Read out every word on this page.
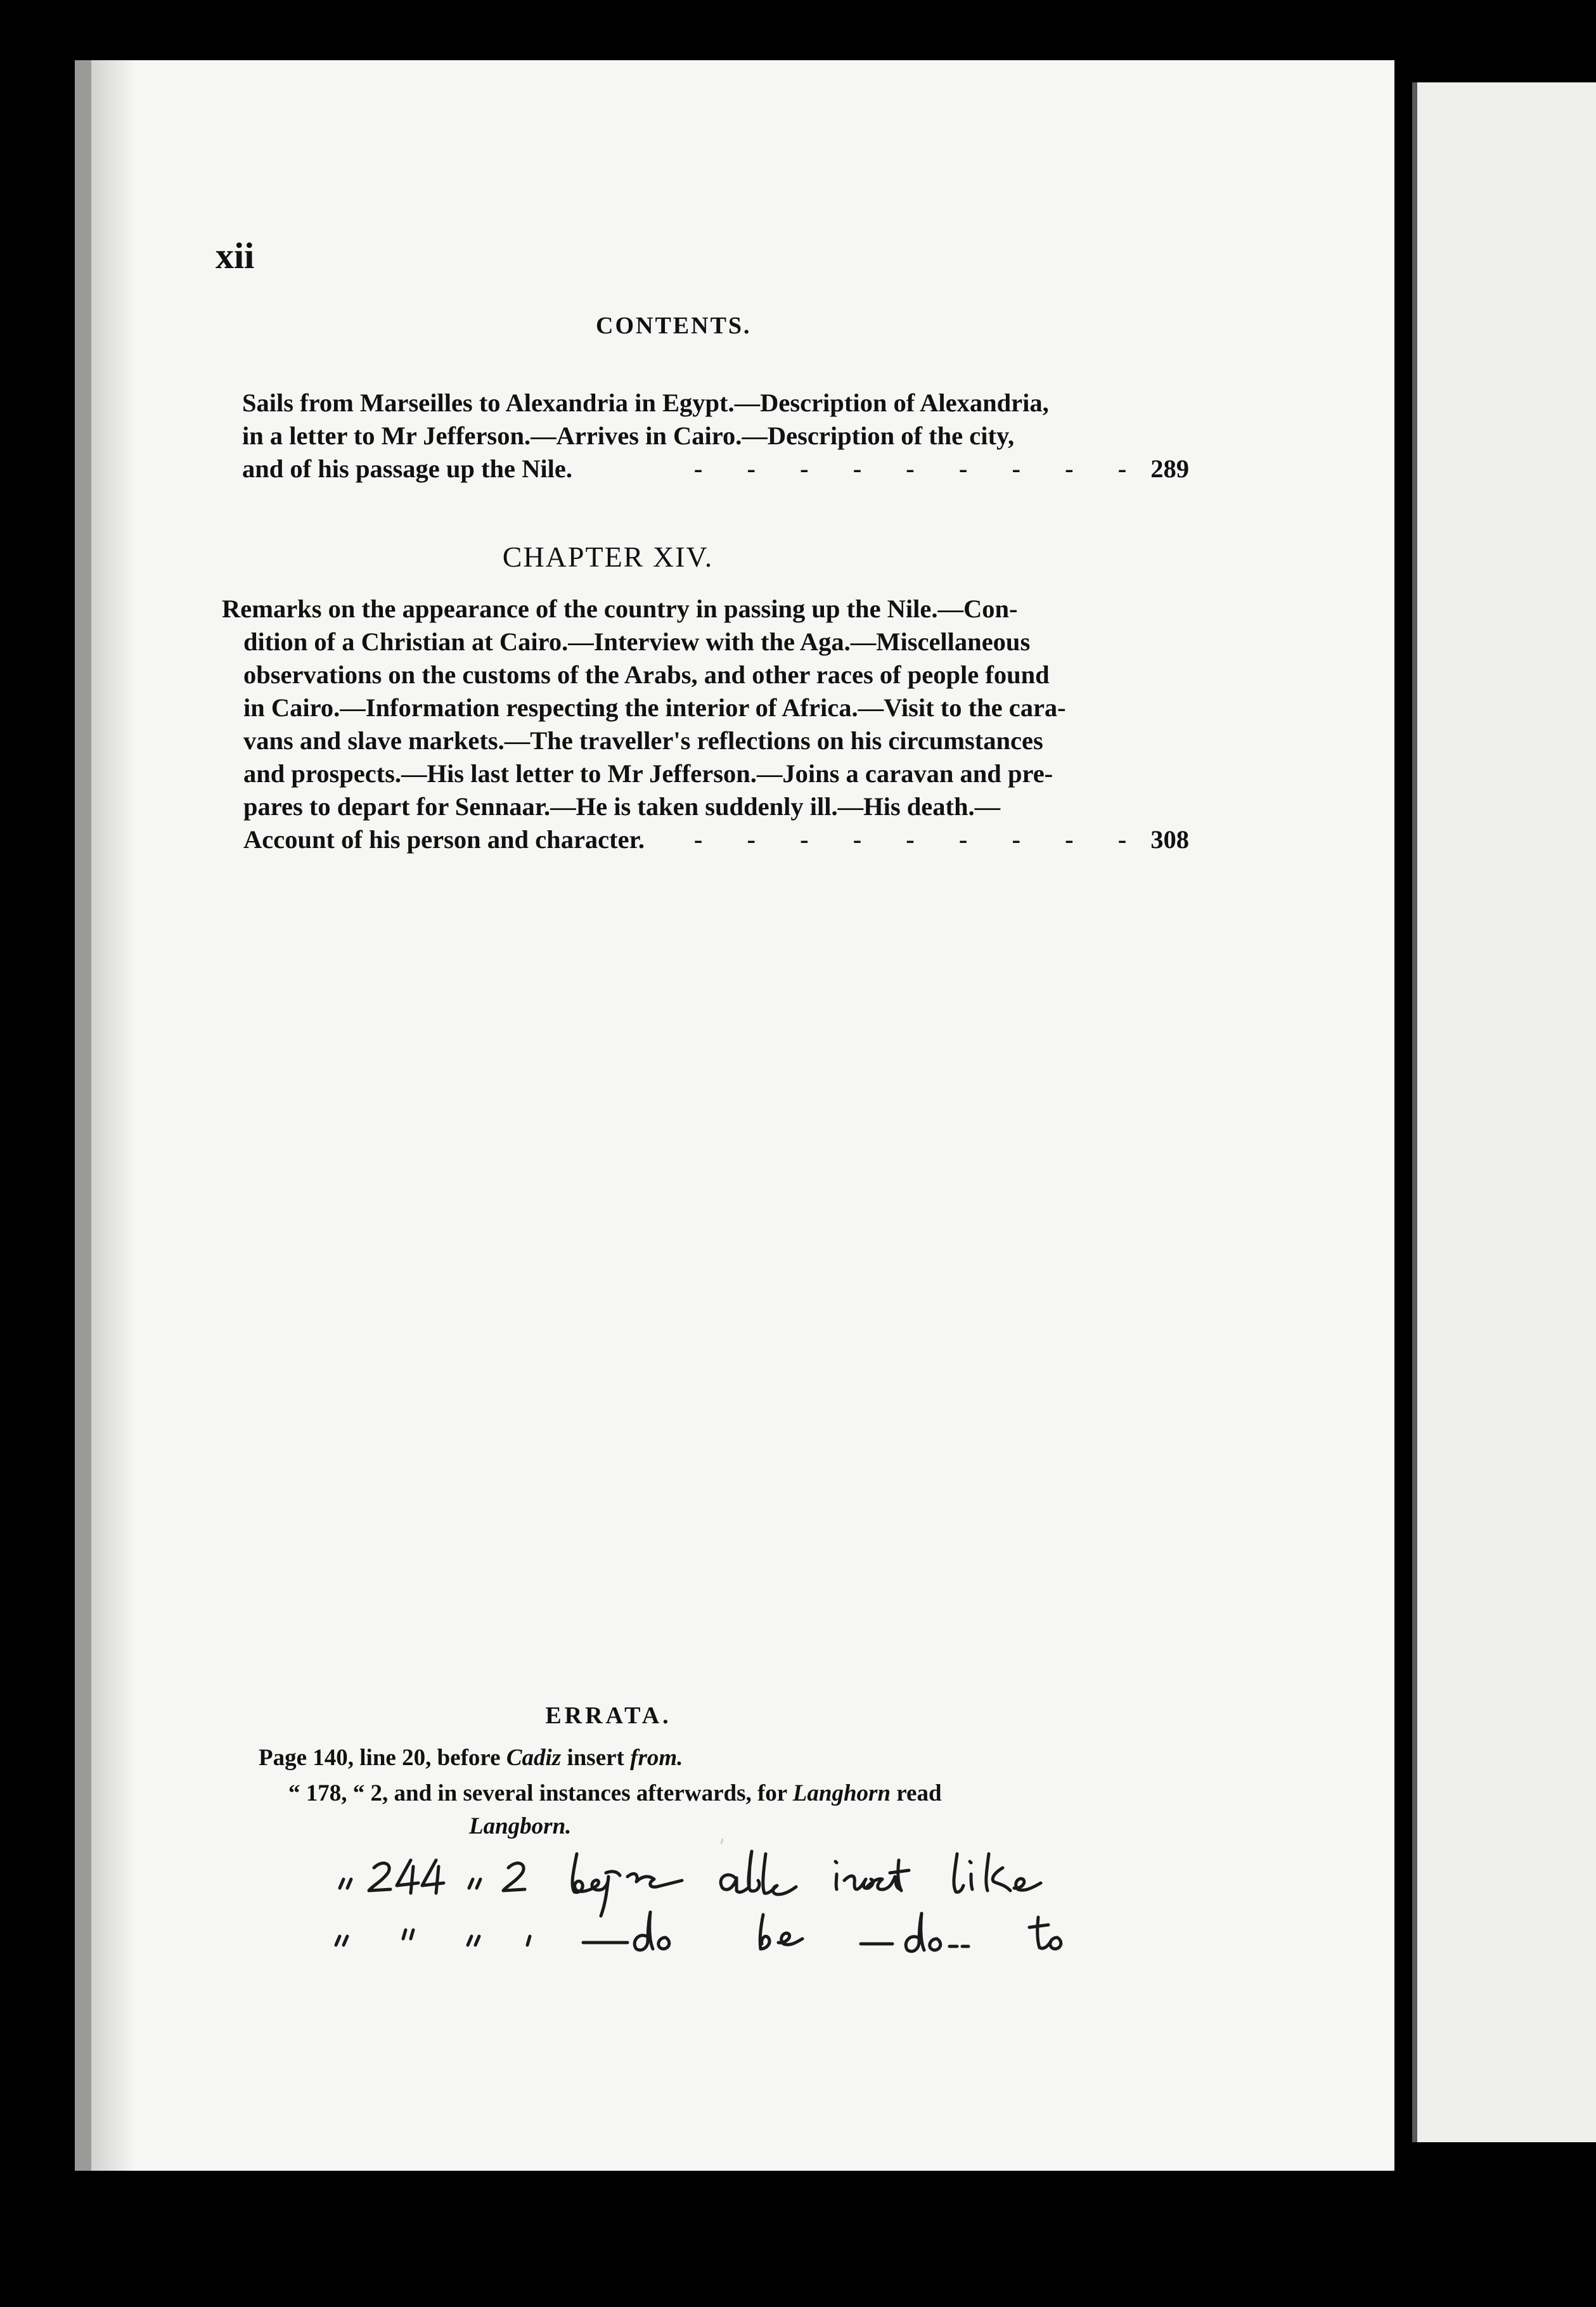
xii
CONTENTS.
Sails from Marseilles to Alexandria in Egypt.—Description of Alexandria,
in a letter to Mr Jefferson.—Arrives in Cairo.—Description of the city,
and of his passage up the Nile.	- - - - - - - - - 289
CHAPTER XIV.
Remarks on the appearance of the country in passing up the Nile.—Con-
dition of a Christian at Cairo.—Interview with the Aga.—Miscellaneous
observations on the customs of the Arabs, and other races of people found
in Cairo.—Information respecting the interior of Africa.—Visit to the cara-
vans and slave markets.—The traveller's reflections on his circumstances
and prospects.—His last letter to Mr Jefferson.—Joins a caravan and pre-
pares to depart for Sennaar.—He is taken suddenly ill.—His death.—
Account of his person and character.	- - - - - - - - - 308
ERRATA.
Page 140, line 20, before Cadiz insert from.
“ 178, “ 2, and in several instances afterwards, for Langhorn read
Langborn.
